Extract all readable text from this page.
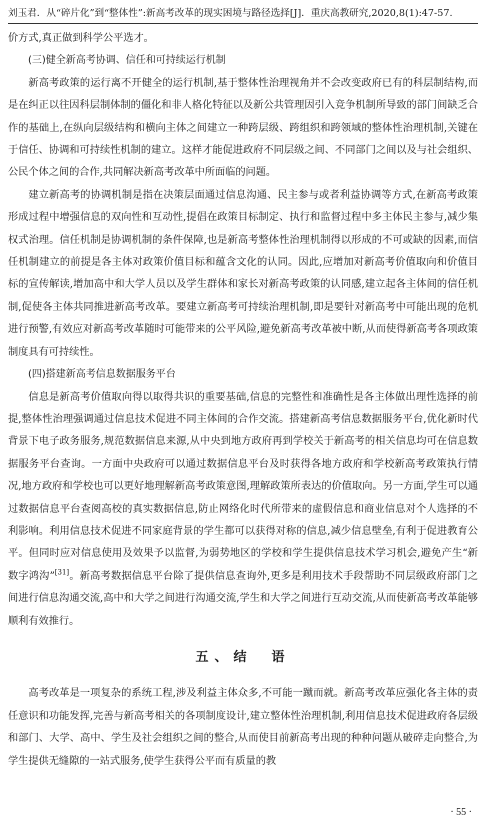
刘玉君．从“碎片化”到“整体性”:新高考改革的现实困境与路径选择[J]．重庆高教研究,2020,8(1):47-57.

价方式,真正做到科学公平选才。

(三)健全新高考协调、信任和可持续运行机制

新高考政策的运行离不开健全的运行机制,基于整体性治理视角并不会改变政府已有的科层制结构,而是在纠正以往因科层制体制的僵化和非人格化特征以及新公共管理因引入竞争机制所导致的部门间缺乏合作的基础上,在纵向层级结构和横向主体之间建立一种跨层级、跨组织和跨领域的整体性治理机制,关键在于信任、协调和可持续性机制的建立。这样才能促进政府不同层级之间、不同部门之间以及与社会组织、公民个体之间的合作,共同解决新高考改革中所面临的问题。

建立新高考的协调机制是指在决策层面通过信息沟通、民主参与或者利益协调等方式,在新高考政策形成过程中增强信息的双向性和互动性,提倡在政策目标制定、执行和监督过程中多主体民主参与,减少集权式治理。信任机制是协调机制的条件保障,也是新高考整体性治理机制得以形成的不可或缺的因素,而信任机制建立的前提是各主体对政策价值目标和蕴含文化的认同。因此,应增加对新高考价值取向和价值目标的宣传解读,增加高中和大学人员以及学生群体和家长对新高考政策的认同感,建立起各主体间的信任机制,促使各主体共同推进新高考改革。要建立新高考可持续治理机制,即是要针对新高考中可能出现的危机进行预警,有效应对新高考改革随时可能带来的公平风险,避免新高考改革被中断,从而使得新高考各项政策制度具有可持续性。

(四)搭建新高考信息数据服务平台

信息是新高考价值取向得以取得共识的重要基础,信息的完整性和准确性是各主体做出理性选择的前提,整体性治理强调通过信息技术促进不同主体间的合作交流。搭建新高考信息数据服务平台,优化新时代背景下电子政务服务,规范数据信息来源,从中央到地方政府再到学校关于新高考的相关信息均可在信息数据服务平台查询。一方面中央政府可以通过数据信息平台及时获得各地方政府和学校新高考政策执行情况,地方政府和学校也可以更好地理解新高考政策意图,理解政策所表达的价值取向。另一方面,学生可以通过数据信息平台查阅高校的真实数据信息,防止网络化时代所带来的虚假信息和商业信息对个人选择的不利影响。利用信息技术促进不同家庭背景的学生都可以获得对称的信息,减少信息壁垒,有利于促进教育公平。但同时应对信息使用及效果予以监督,为弱势地区的学校和学生提供信息技术学习机会,避免产生“新数字鸿沟”[31]。新高考数据信息平台除了提供信息查询外,更多是利用技术手段帮助不同层级政府部门之间进行信息沟通交流,高中和大学之间进行沟通交流,学生和大学之间进行互动交流,从而使新高考改革能够顺利有效推行。

五、结　语

高考改革是一项复杂的系统工程,涉及利益主体众多,不可能一蹴而就。新高考改革应强化各主体的责任意识和功能发挥,完善与新高考相关的各项制度设计,建立整体性治理机制,利用信息技术促进政府各层级和部门、大学、高中、学生及社会组织之间的整合,从而使目前新高考出现的种种问题从破碎走向整合,为学生提供无缝隙的一站式服务,使学生获得公平而有质量的教

· 55 ·
